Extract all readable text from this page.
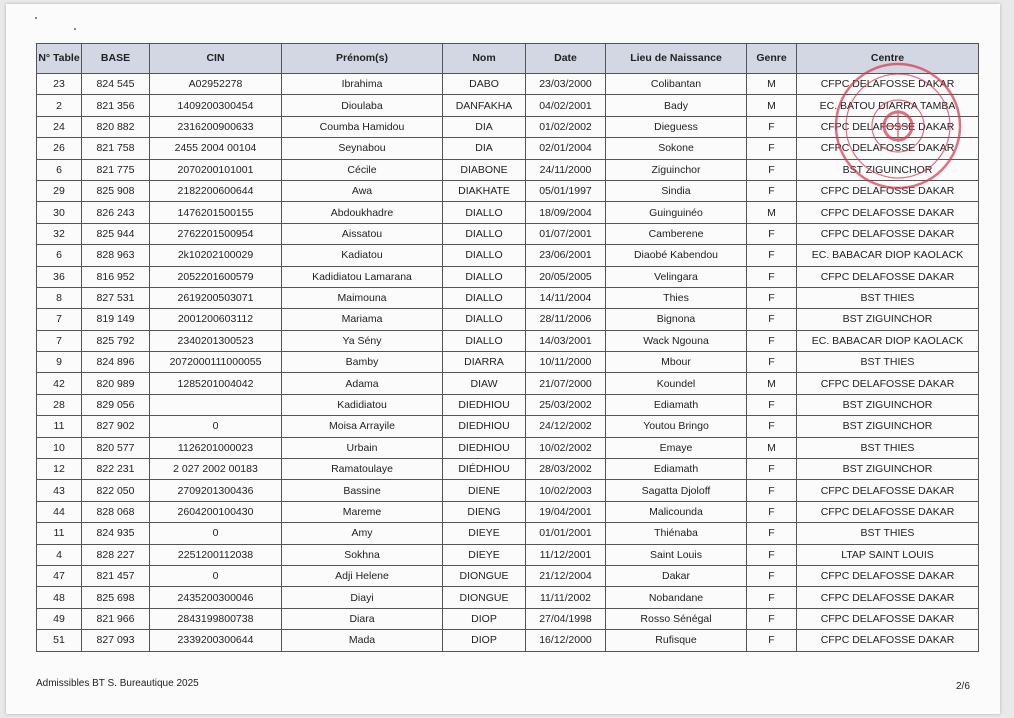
N° Table	BASE	CIN	Prénom(s)	Nom	Date	Lieu de Naissance	Genre	Centre
23	824 545	A02952278	Ibrahima	DABO	23/03/2000	Colibantan	M	CFPC DELAFOSSE DAKAR
2	821 356	1409200300454	Dioulaba	DANFAKHA	04/02/2001	Bady	M	EC. BATOU DIARRA TAMBA
24	820 882	2316200900633	Coumba Hamidou	DIA	01/02/2002	Dieguess	F	CFPC DELAFOSSE DAKAR
26	821 758	2455 2004 00104	Seynabou	DIA	02/01/2004	Sokone	F	CFPC DELAFOSSE DAKAR
6	821 775	2070200101001	Cécile	DIABONE	24/11/2000	Ziguinchor	F	BST ZIGUINCHOR
29	825 908	2182200600644	Awa	DIAKHATE	05/01/1997	Sindia	F	CFPC DELAFOSSE DAKAR
30	826 243	1476201500155	Abdoukhadre	DIALLO	18/09/2004	Guinguinéo	M	CFPC DELAFOSSE DAKAR
32	825 944	2762201500954	Aissatou	DIALLO	01/07/2001	Camberene	F	CFPC DELAFOSSE DAKAR
6	828 963	2k10202100029	Kadiatou	DIALLO	23/06/2001	Diaobé Kabendou	F	EC. BABACAR DIOP KAOLACK
36	816 952	2052201600579	Kadidiatou Lamarana	DIALLO	20/05/2005	Velingara	F	CFPC DELAFOSSE DAKAR
8	827 531	2619200503071	Maimouna	DIALLO	14/11/2004	Thies	F	BST THIES
7	819 149	2001200603112	Mariama	DIALLO	28/11/2006	Bignona	F	BST ZIGUINCHOR
7	825 792	2340201300523	Ya Sény	DIALLO	14/03/2001	Wack Ngouna	F	EC. BABACAR DIOP KAOLACK
9	824 896	2072000111000055	Bamby	DIARRA	10/11/2000	Mbour	F	BST THIES
42	820 989	1285201004042	Adama	DIAW	21/07/2000	Koundel	M	CFPC DELAFOSSE DAKAR
28	829 056		Kadidiatou	DIEDHIOU	25/03/2002	Ediamath	F	BST ZIGUINCHOR
11	827 902	0	Moisa Arrayile	DIEDHIOU	24/12/2002	Youtou Bringo	F	BST ZIGUINCHOR
10	820 577	1126201000023	Urbain	DIEDHIOU	10/02/2002	Emaye	M	BST THIES
12	822 231	2 027 2002 00183	Ramatoulaye	DIÉDHIOU	28/03/2002	Ediamath	F	BST ZIGUINCHOR
43	822 050	2709201300436	Bassine	DIENE	10/02/2003	Sagatta Djoloff	F	CFPC DELAFOSSE DAKAR
44	828 068	2604200100430	Mareme	DIENG	19/04/2001	Malicounda	F	CFPC DELAFOSSE DAKAR
11	824 935	0	Amy	DIEYE	01/01/2001	Thiénaba	F	BST THIES
4	828 227	2251200112038	Sokhna	DIEYE	11/12/2001	Saint Louis	F	LTAP SAINT LOUIS
47	821 457	0	Adji Helene	DIONGUE	21/12/2004	Dakar	F	CFPC DELAFOSSE DAKAR
48	825 698	2435200300046	Diayi	DIONGUE	11/11/2002	Nobandane	F	CFPC DELAFOSSE DAKAR
49	821 966	2843199800738	Diara	DIOP	27/04/1998	Rosso Sénégal	F	CFPC DELAFOSSE DAKAR
51	827 093	2339200300644	Mada	DIOP	16/12/2000	Rufisque	F	CFPC DELAFOSSE DAKAR
Admissibles BT S. Bureautique 2025	2/6
